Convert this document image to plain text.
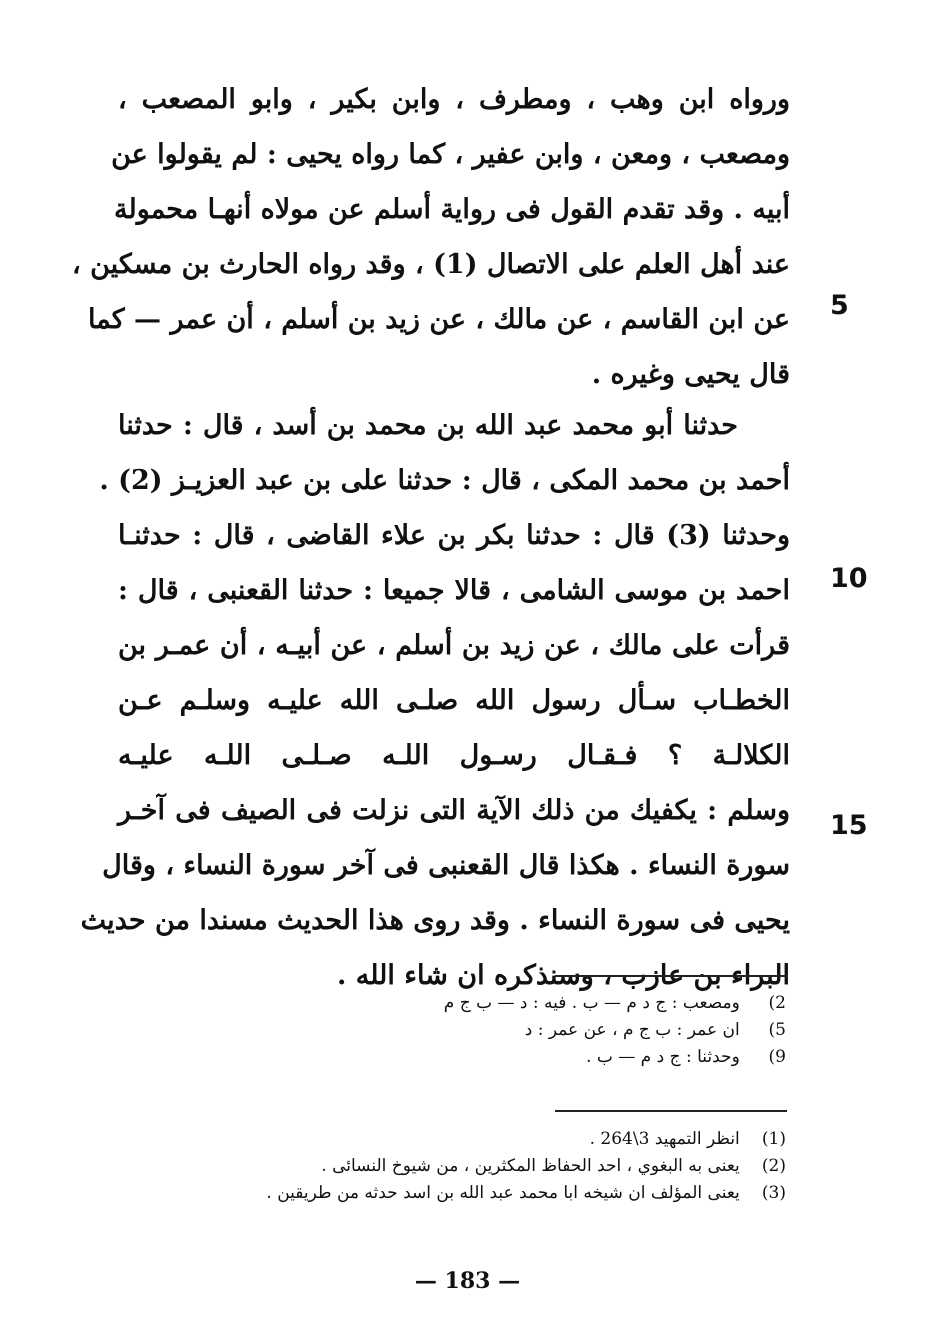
ورواه ابن وهب ، ومطرف ، وابن بكير ، وابو المصعب ،
ومصعب ، ومعن ، وابن عفير ، كما رواه يحيى : لم يقولوا عن
أبيه . وقد تقدم القول فى رواية أسلم عن مولاه أنهـا محمولة
عند أهل العلم على الاتصال (1) ، وقد رواه الحارث بن مسكين ،
عن ابن القاسم ، عن مالك ، عن زيد بن أسلم ، أن عمر — كما
قال يحيى وغيره .
حدثنا أبو محمد عبد الله بن محمد بن أسد ، قال : حدثنا
أحمد بن محمد المكى ، قال : حدثنا على بن عبد العزيـز (2) .
وحدثنا (3) قال : حدثنا بكر بن علاء القاضى ، قال : حدثنـا
احمد بن موسى الشامى ، قالا جميعا : حدثنا القعنبى ، قال :
قرأت على مالك ، عن زيد بن أسلم ، عن أبيـه ، أن عمـر بن
الخطـاب سـأل رسول الله صلـى الله عليـه وسلـم عـن
الكلالـة ؟ فـقـال رسـول اللـه صـلـى اللـه عليـه
وسلم : يكفيك من ذلك الآية التى نزلت فى الصيف فى آخـر
سورة النساء . هكذا قال القعنبى فى آخر سورة النساء ، وقال
يحيى فى سورة النساء . وقد روى هذا الحديث مسندا من حديث
البراء بن عازب ، وسنذكره ان شاء الله .
5
10
15
2)   ومصعب : ج د م — ب . فيه : د — ب ج م
5)   ان عمر : ب ج م ، عن عمر : د
9)   وحدثنا : ج د م — ب .
(1)   انظر التمهيد 3\264 .
(2)   يعنى به البغوي ، احد الحفاظ المكثرين ، من شيوخ النسائى .
(3)   يعنى المؤلف ان شيخه ابا محمد عبد الله بن اسد حدثه من طريقين .
— 183 —
